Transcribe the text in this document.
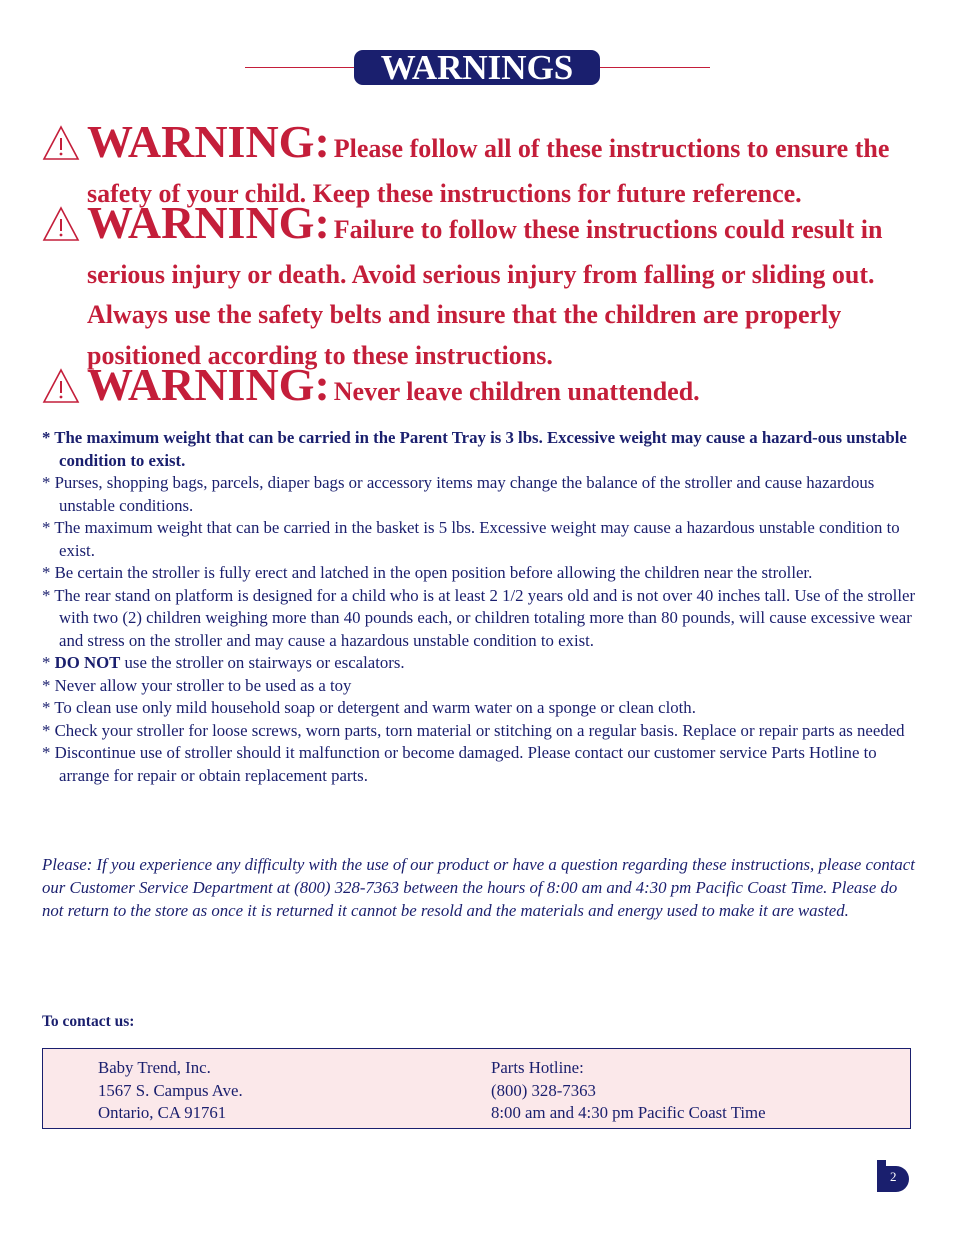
WARNINGS

WARNING: Please follow all of these instructions to ensure the

safety of your child. Keep these instructions for future reference.

WARNING: Failure to follow these instructions could result in

serious injury or death. Avoid serious injury from falling or sliding out.

Always use the safety belts and insure that the children are properly

positioned according to these instructions.

WARNING: Never leave children unattended.

* The maximum weight that can be carried in the Parent Tray is 3 lbs. Excessive weight may cause a hazard-ous unstable condition to exist.

* Purses, shopping bags, parcels, diaper bags or accessory items may change the balance of the stroller and cause hazardous unstable conditions.

* The maximum weight that can be carried in the basket is 5 lbs. Excessive weight may cause a hazardous unstable condition to exist.

* Be certain the stroller is fully erect and latched in the open position before allowing the children near the stroller.

* The rear stand on platform is designed for a child who is at least 2 1/2 years old and is not over 40 inches tall. Use of the stroller with two (2) children weighing more than 40 pounds each, or children totaling more than 80 pounds, will cause excessive wear and stress on the stroller and may cause a hazardous unstable condition to exist.

* DO NOT use the stroller on stairways or escalators.

* Never allow your stroller to be used as a toy

* To clean use only mild household soap or detergent and warm water on a sponge or clean cloth.

* Check your stroller for loose screws, worn parts, torn material or stitching on a regular basis. Replace or repair parts as needed

* Discontinue use of stroller should it malfunction or become damaged. Please contact our customer service Parts Hotline to arrange for repair or obtain replacement parts.

Please: If you experience any difficulty with the use of our product or have a question regarding these instructions, please contact our Customer Service Department at (800) 328-7363 between the hours of 8:00 am and 4:30 pm Pacific Coast Time. Please do not return to the store as once it is returned it cannot be resold and the materials and energy used to make it are wasted.

To contact us:
Baby Trend, Inc.
1567 S. Campus Ave.
Ontario, CA 91761
Parts Hotline:
(800) 328-7363
8:00 am and 4:30 pm Pacific Coast Time
2
